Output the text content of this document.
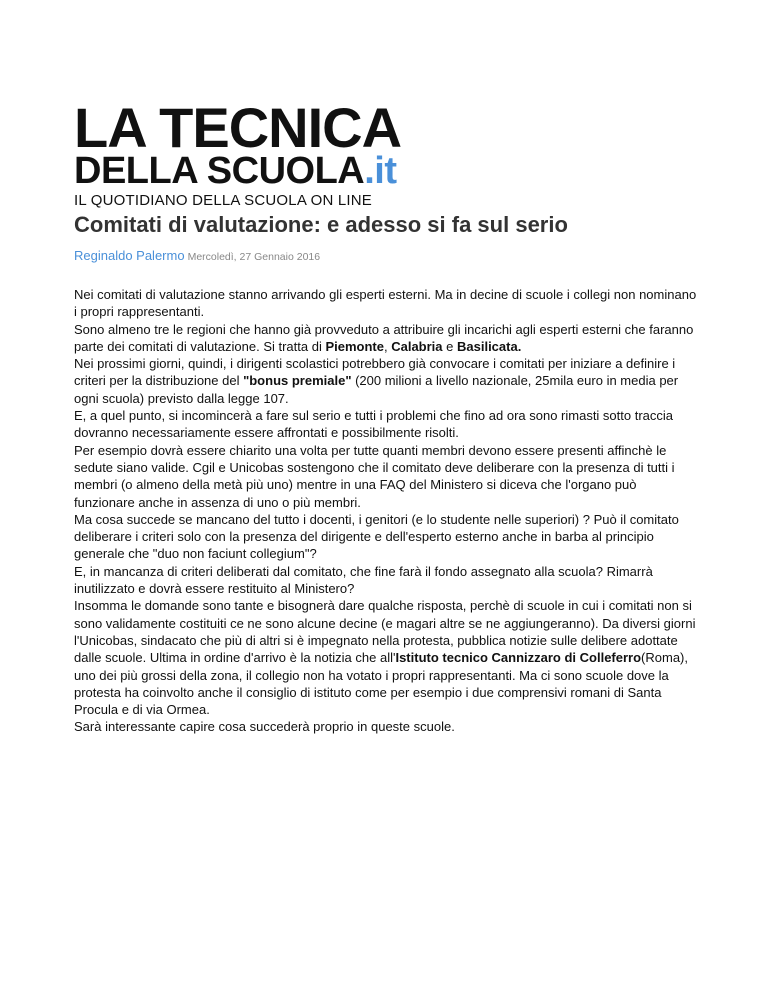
LA TECNICA
DELLA SCUOLA.it
IL QUOTIDIANO DELLA SCUOLA ON LINE
Comitati di valutazione: e adesso si fa sul serio
Reginaldo Palermo Mercoledì, 27 Gennaio 2016

Nei comitati di valutazione stanno arrivando gli esperti esterni. Ma in decine di scuole i collegi non nominano i propri rappresentanti.

Sono almeno tre le regioni che hanno già provveduto a attribuire gli incarichi agli esperti esterni che faranno parte dei comitati di valutazione. Si tratta di Piemonte, Calabria e Basilicata.

Nei prossimi giorni, quindi, i dirigenti scolastici potrebbero già convocare i comitati per iniziare a definire i criteri per la distribuzione del "bonus premiale" (200 milioni a livello nazionale, 25mila euro in media per ogni scuola) previsto dalla legge 107.

E, a quel punto, si incomincerà a fare sul serio e tutti i problemi che fino ad ora sono rimasti sotto traccia dovranno necessariamente essere affrontati e possibilmente risolti.

Per esempio dovrà essere chiarito una volta per tutte quanti membri devono essere presenti affinchè le sedute siano valide. Cgil e Unicobas sostengono che il comitato deve deliberare con la presenza di tutti i membri (o almeno della metà più uno) mentre in una FAQ del Ministero si diceva che l'organo può funzionare anche in assenza di uno o più membri.

Ma cosa succede se mancano del tutto i docenti, i genitori (e lo studente nelle superiori) ? Può il comitato deliberare i criteri solo con la presenza del dirigente e dell'esperto esterno anche in barba al principio generale che "duo non faciunt collegium"?

E, in mancanza di criteri deliberati dal comitato, che fine farà il fondo assegnato alla scuola? Rimarrà inutilizzato e dovrà essere restituito al Ministero?

Insomma le domande sono tante e bisognerà dare qualche risposta, perchè di scuole in cui i comitati non si sono validamente costituiti ce ne sono alcune decine (e magari altre se ne aggiungeranno). Da diversi giorni l'Unicobas, sindacato che più di altri si è impegnato nella protesta, pubblica notizie sulle delibere adottate dalle scuole. Ultima in ordine d'arrivo è la notizia che all'Istituto tecnico Cannizzaro di Colleferro(Roma), uno dei più grossi della zona, il collegio non ha votato i propri rappresentanti. Ma ci sono scuole dove la protesta ha coinvolto anche il consiglio di istituto come per esempio i due comprensivi romani di Santa Procula e di via Ormea.

Sarà interessante capire cosa succederà proprio in queste scuole.
